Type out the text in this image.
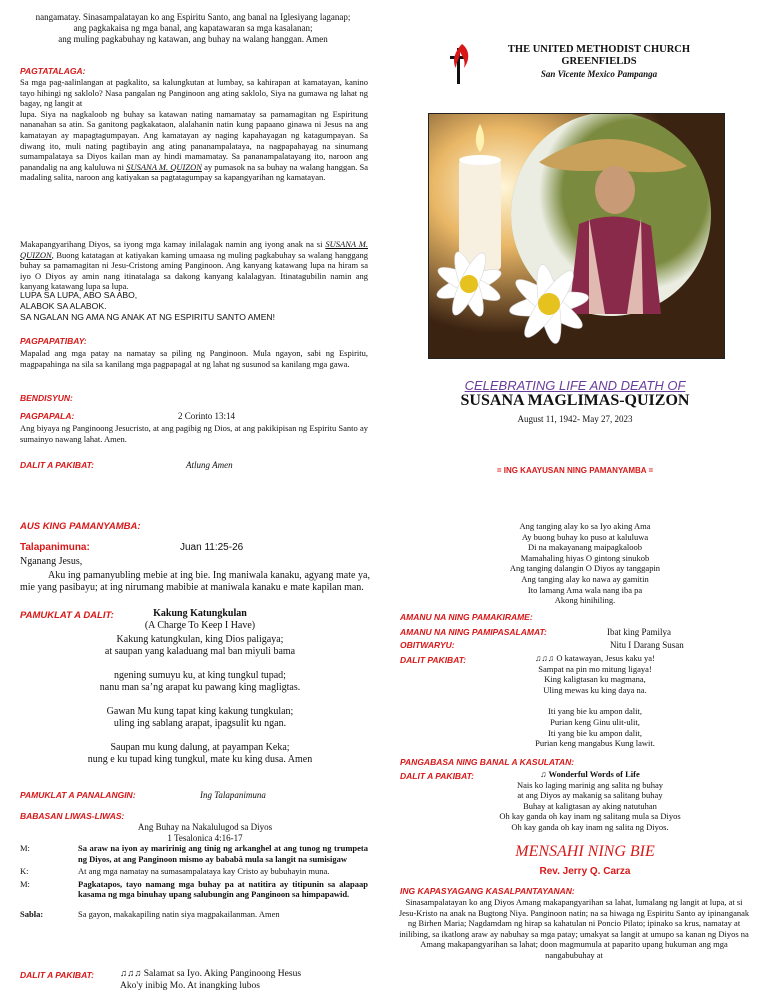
nangamatay. Sinasampalatayan ko ang Espiritu Santo, ang banal na Iglesiyang laganap;
ang pagkakaisa ng mga banal, ang kapatawaran sa mga kasalanan;
ang muling pagkabuhay ng katawan, ang buhay na walang hanggan. Amen
PAGTATALAGA:

Sa mga pag-aalinlangan at pagkalito, sa kalungkutan at lumbay, sa kahirapan at kamatayan, kanino tayo hihingi ng saklolo? Nasa pangalan ng Panginoon ang ating saklolo, Siya na gumawa ng lahat ng bagay, ng langit at

lupa. Siya na nagkaloob ng buhay sa katawan nating namamatay sa pamamagitan ng Espiritung nananahan sa atin. Sa ganitong pagkakataon, alalahanin natin kung papaano ginawa ni Jesus na ang kamatayan ay mapagtagumpayan. Ang kamatayan ay naging kapahayagan ng katagumpayan. Sa diwang ito, muli nating pagtibayin ang ating pananampalataya, na nagpapahayag na sinumang sumampalataya sa Diyos kailan man ay hindi mamamatay. Sa pananampalatayang ito, naroon ang panandalig na ang kaluluwa ni SUSANA M. QUIZON ay pumasok na sa buhay na walang hanggan. Sa madaling salita, naroon ang katiyakan sa pagtatagumpay sa kapangyarihan ng kamatayan.

Makapangyarihang Diyos, sa iyong mga kamay inilalagak namin ang iyong anak na si SUSANA M. QUIZON, Buong katatagan at katiyakan kaming umaasa ng muling pagkabuhay sa walang hanggang buhay sa pamamagitan ni Jesu-Cristong aming Panginoon. Ang kanyang katawang lupa na hiram sa iyo O Diyos ay amin nang itinatalaga sa dakong kanyang kalalagyan. Itinatagubilin namin ang kanyang katawang lupa sa lupa.

LUPA SA LUPA, ABO SA ABO,
ALABOK SA ALABOK.
SA NGALAN NG AMA NG ANAK AT NG ESPIRITU SANTO AMEN!
PAGPAPATIBAY:
Mapalad ang mga patay na namatay sa piling ng Panginoon. Mula ngayon, sabi ng Espiritu, magpapahinga na sila sa kanilang mga pagpapagal at ng lahat ng susunod sa kanilang mga gawa.
BENDISYUN:
PAGPAPALA:	2 Corinto 13:14
Ang biyaya ng Panginoong Jesucristo, at ang pagibig ng Dios, at ang pakikipisan ng Espiritu Santo ay sumainyo nawang lahat. Amen.
DALIT A PAKIBAT:	Atlung Amen
AUS KING PAMANYAMBA:
Talapanimuna:	Juan 11:25-26
Nganang Jesus,
Aku ing pamanyubling mebie at ing bie. Ing maniwala kanaku, agyang mate ya, mie yang pasibayu; at ing nirumang mabibie at maniwala kanaku e mate kapilan man.
PAMUKLAT A DALIT:	Kakung Katungkulan
(A Charge To Keep I Have)
Kakung katungkulan, king Dios paligaya;
at saupan yang kaladuang mal ban miyuli bama
ngening sumuyu ku, at king tungkul tupad;
nanu man sa’ng arapat ku pawang king magligtas.
Gawan Mu kung tapat king kakung tungkulan;
uling ing sablang arapat, ipagsulit ku ngan.
Saupan mu kung dalung, at payampan Keka;
nung e ku tupad king tungkul, mate ku king dusa. Amen
PAMUKLAT A PANALANGIN:	Ing Talapanimuna
BABASAN LIWAS-LIWAS:
Ang Buhay na Nakalulugod sa Diyos
1 Tesalonica 4:16-17
M:	Sa araw na iyon ay maririnig ang tinig ng arkanghel at ang tunog ng trumpeta ng Diyos, at ang Panginoon mismo ay bababâ mula sa langit na sumisigaw
K:	At ang mga namatay na sumasampalataya kay Cristo ay bubuhayin muna.
M:	Pagkatapos, tayo namang mga buhay pa at natitira ay titipunin sa alapaap kasama ng mga binuhay upang salubungin ang Panginoon sa himpapawid.
Sabla:	Sa gayon, makakapiling natin siya magpakailanman. Amen
DALIT A PAKIBAT:	♫♫♫ Salamat sa Iyo. Aking Panginoong Hesus
Ako'y inibig Mo. At inangking lubos
THE UNITED METHODIST CHURCH
GREENFIELDS
San Vicente Mexico Pampanga
CELEBRATING LIFE AND DEATH OF
SUSANA MAGLIMAS-QUIZON
August 11, 1942- May 27, 2023
= ING KAAYUSAN NING PAMANYAMBA =
Ang tanging alay ko sa Iyo aking Ama
Ay buong buhay ko puso at kaluluwa
Di na makayanang maipagkaloob
Mamahaling hiyas O gintong sinukob
Ang tanging dalangin O Diyos ay tanggapin
Ang tanging alay ko nawa ay gamitin
Ito lamang Ama wala nang iba pa
Akong hinihiling.
AMANU NA NING PAMAKIRAME:
AMANU NA NING PAMIPASALAMAT:	Ibat king Pamilya
OBITWARYU:	Nitu I Darang Susan
DALIT PAKIBAT:	♫♫♫ O katawayan, Jesus kaku ya!
Sampat na pin mo mitung ligaya!
King kaligtasan ku magmana,
Uling mewas ku king daya na.
Iti yang bie ku ampon dalit,
Purian keng Ginu ulit-ulit,
Iti yang bie ku ampon dalit,
Purian keng mangabus Kung lawit.
PANGABASA NING BANAL A KASULATAN:
DALIT A PAKIBAT:	♫ Wonderful Words of Life
Nais ko laging marinig ang salita ng buhay
at ang Diyos ay makanig sa salitang buhay
Buhay at kaligtasan ay aking natutuhan
Oh kay ganda oh kay inam ng salitang mula sa Diyos
Oh kay ganda oh kay inam ng salita ng Diyos.
MENSAHI NING BIE
Rev. Jerry Q. Carza
ING KAPASYAGANG KASALPANTAYANAN:
Sinasampalatayan ko ang Diyos Amang makapangyarihan sa lahat, lumalang ng langit at lupa, at si Jesu-Kristo na anak na Bugtong Niya. Panginoon natin; na sa hiwaga ng Espiritu Santo ay ipinanganak ng Birhen Maria; Nagdamdam ng hirap sa kahatulan ni Poncio Pilato; ipinako sa krus, namatay at inilibing, sa ikatlong araw ay nabuhay sa mga patay; umakyat sa langit at umupo sa kanan ng Diyos na Amang makapangyarihan sa lahat; doon magmumula at paparito upang hukuman ang mga nangabubuhay at
